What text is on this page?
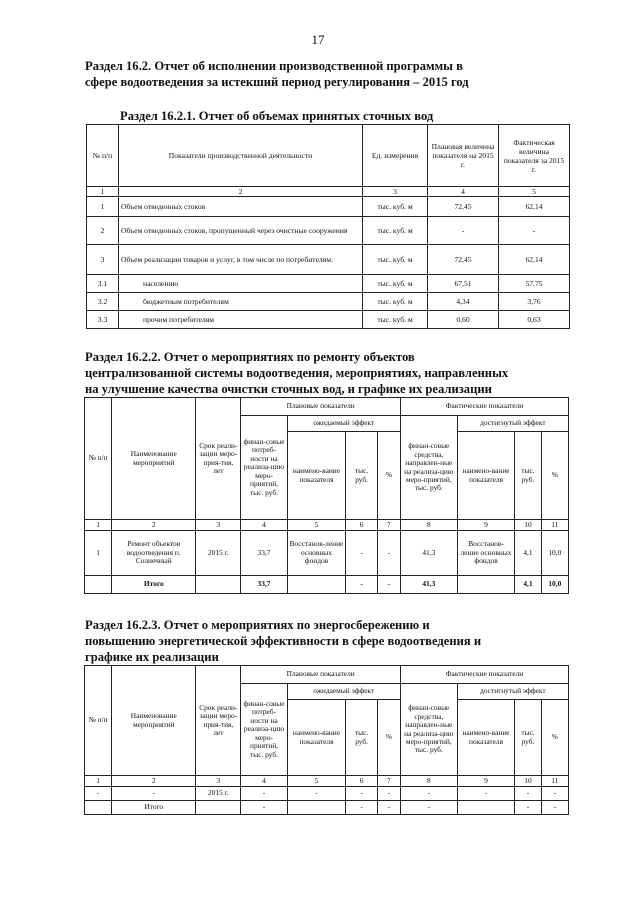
17
Раздел 16.2. Отчет об исполнении производственной программы в
сфере водоотведения за истекший период регулирования – 2015 год
Раздел 16.2.1. Отчет об объемах принятых сточных вод
№ п/п	Показатели производственной деятельности	Ед. измерения	Плановая величина показателя на 2015 г.	Фактическая величина показателя за 2015 г.
1	2	3	4	5
1	Объем отведенных стоков	тыс. куб. м	72,45	62,14
2	Объем отведенных стоков, пропущенный через очистные сооружения	тыс. куб. м	-	-
3	Объем реализации товаров и услуг, в том числе по потребителям:	тыс. куб. м	72,45	62,14
3.1	населению	тыс. куб. м	67,51	57,75
3.2	бюджетным потребителям	тыс. куб. м	4,34	3,76
3.3	прочим потребителям	тыс. куб. м	0,60	0,63
Раздел 16.2.2. Отчет о мероприятиях по ремонту объектов
централизованной системы водоотведения, мероприятиях, направленных
на улучшение качества очистки сточных вод, и графике их реализации
№ п/п	Наименование мероприятий	Срок реали-зации меро-прия-тия, лет	Плановые показатели				Фактические показатели			
			финан-совые потреб-ности на реализа-цию меро-приятий, тыс. руб.	ожидаемый эффект			финан-совые средства, направлен-ные на реализа-цию меро-приятий, тыс. руб.	достигнутый эффект		
				наимено-вание показателя	тыс. руб.	%		наимено-вание показателя	тыс. руб.	%
1	2	3	4	5	6	7	8	9	10	11
1	Ремонт объектов водоотведения п. Солнечный	2015 г.	33,7	Восстанов-ление основных фондов	-	-	41,3	Восстанов-ление основных фондов	4,1	10,0
	Итого		33,7		-	-	41,3		4,1	10,0
Раздел 16.2.3. Отчет о мероприятиях по энергосбережению и
повышению энергетической эффективности в сфере водоотведения и
графике их реализации
№ п/п	Наименование мероприятий	Срок реали-зации меро-прия-тия, лет	Плановые показатели				Фактические показатели			
			финан-совые потреб-ности на реализа-цию меро-приятий, тыс. руб.	ожидаемый эффект			финан-совые средства, направлен-ные на реализа-цию меро-приятий, тыс. руб.	достигнутый эффект		
				наимено-вание показателя	тыс. руб.	%		наимено-вание показателя	тыс. руб.	%
1	2	3	4	5	6	7	8	9	10	11
-	-	2015 г.	-	-	-	-	-	-	-	-
	Итого		-		-	-	-		-	-
